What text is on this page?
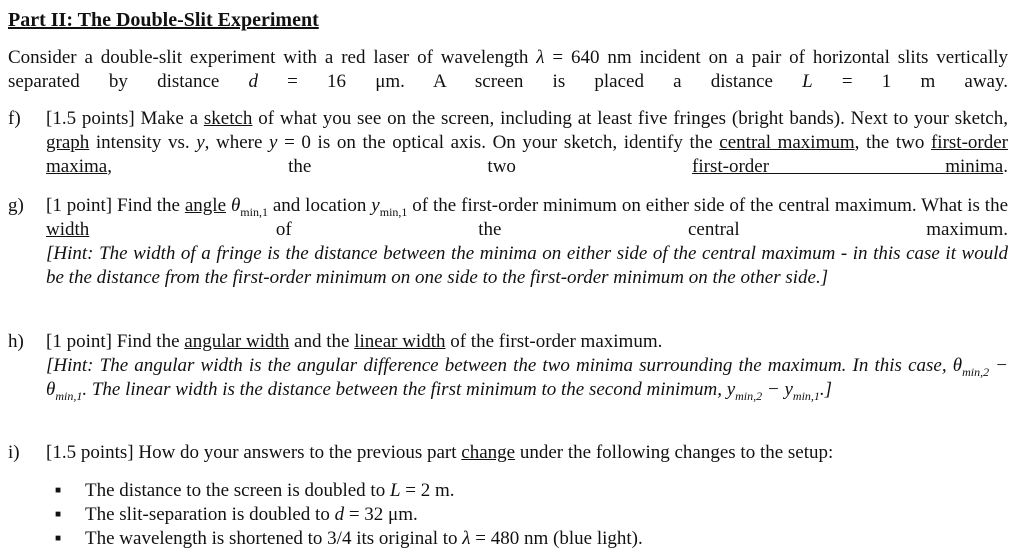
Part II: The Double-Slit Experiment
Consider a double-slit experiment with a red laser of wavelength λ = 640 nm incident on a pair of horizontal slits vertically separated by distance d = 16 μm. A screen is placed a distance L = 1 m away.
f) [1.5 points] Make a sketch of what you see on the screen, including at least five fringes (bright bands). Next to your sketch, graph intensity vs. y, where y = 0 is on the optical axis. On your sketch, identify the central maximum, the two first-order maxima, the two first-order minima.
g) [1 point] Find the angle $\theta_{min,1}$ and location $y_{min,1}$ of the first-order minimum on either side of the central maximum. What is the width of the central maximum.
[Hint: The width of a fringe is the distance between the minima on either side of the central maximum - in this case it would be the distance from the first-order minimum on one side to the first-order minimum on the other side.]
h) [1 point] Find the angular width and the linear width of the first-order maximum.
[Hint: The angular width is the angular difference between the two minima surrounding the maximum. In this case, $\theta_{min,2} - \theta_{min,1}$. The linear width is the distance between the first minimum to the second minimum, $y_{min,2} - y_{min,1}$.]
i) [1.5 points] How do your answers to the previous part change under the following changes to the setup:
■ The distance to the screen is doubled to L = 2 m.
■ The slit-separation is doubled to d = 32 μm.
■ The wavelength is shortened to 3/4 its original to λ = 480 nm (blue light).
